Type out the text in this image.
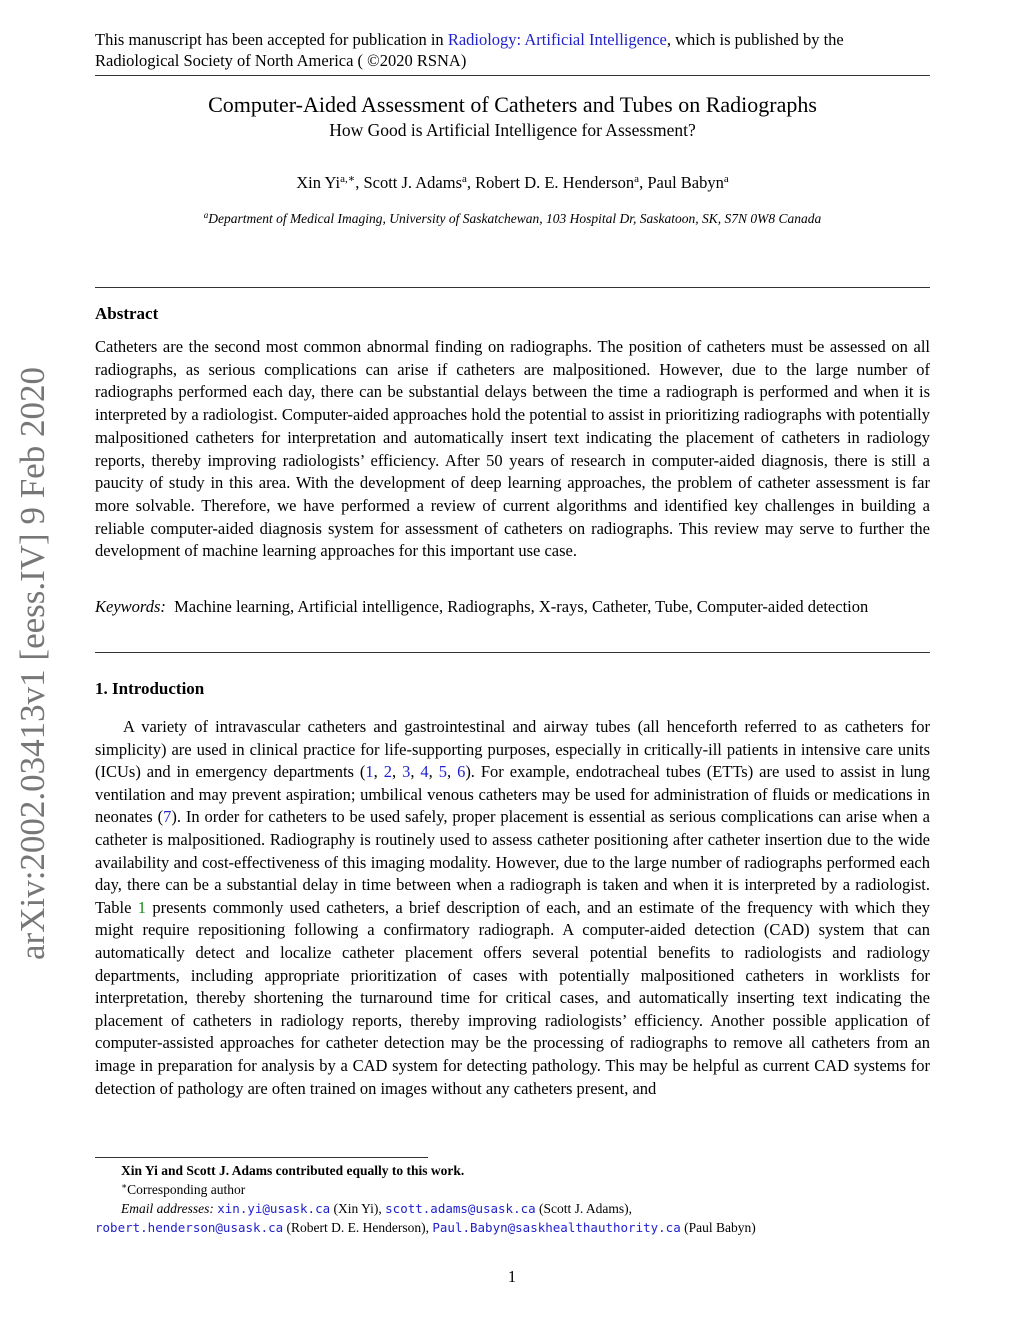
This manuscript has been accepted for publication in Radiology: Artificial Intelligence, which is published by the Radiological Society of North America ( ©2020 RSNA)
Computer-Aided Assessment of Catheters and Tubes on Radiographs
How Good is Artificial Intelligence for Assessment?
Xin $Yi^{a,∗}$, Scott J. Adams$^a$, Robert D. E. Henderson$^a$, Paul Babyn$^a$
$^a$Department of Medical Imaging, University of Saskatchewan, 103 Hospital Dr, Saskatoon, SK, S7N 0W8 Canada
Abstract
Catheters are the second most common abnormal finding on radiographs. The position of catheters must be assessed on all radiographs, as serious complications can arise if catheters are malpositioned. However, due to the large number of radiographs performed each day, there can be substantial delays between the time a radiograph is performed and when it is interpreted by a radiologist. Computer-aided approaches hold the potential to assist in prioritizing radiographs with potentially malpositioned catheters for interpretation and automatically insert text indicating the placement of catheters in radiology reports, thereby improving radiologists’ efficiency. After 50 years of research in computer-aided diagnosis, there is still a paucity of study in this area. With the development of deep learning approaches, the problem of catheter assessment is far more solvable. Therefore, we have performed a review of current algorithms and identified key challenges in building a reliable computer-aided diagnosis system for assessment of catheters on radiographs. This review may serve to further the development of machine learning approaches for this important use case.
Keywords: Machine learning, Artificial intelligence, Radiographs, X-rays, Catheter, Tube, Computer-aided detection
1. Introduction
A variety of intravascular catheters and gastrointestinal and airway tubes (all henceforth referred to as catheters for simplicity) are used in clinical practice for life-supporting purposes, especially in critically-ill patients in intensive care units (ICUs) and in emergency departments (1, 2, 3, 4, 5, 6). For example, endotracheal tubes (ETTs) are used to assist in lung ventilation and may prevent aspiration; umbilical venous catheters may be used for administration of fluids or medications in neonates (7). In order for catheters to be used safely, proper placement is essential as serious complications can arise when a catheter is malpositioned. Radiography is routinely used to assess catheter positioning after catheter insertion due to the wide availability and cost-effectiveness of this imaging modality. However, due to the large number of radiographs performed each day, there can be a substantial delay in time between when a radiograph is taken and when it is interpreted by a radiologist. Table 1 presents commonly used catheters, a brief description of each, and an estimate of the frequency with which they might require repositioning following a confirmatory radiograph. A computer-aided detection (CAD) system that can automatically detect and localize catheter placement offers several potential benefits to radiologists and radiology departments, including appropriate prioritization of cases with potentially malpositioned catheters in worklists for interpretation, thereby shortening the turnaround time for critical cases, and automatically inserting text indicating the placement of catheters in radiology reports, thereby improving radiologists’ efficiency. Another possible application of computer-assisted approaches for catheter detection may be the processing of radiographs to remove all catheters from an image in preparation for analysis by a CAD system for detecting pathology. This may be helpful as current CAD systems for detection of pathology are often trained on images without any catheters present, and
Xin Yi and Scott J. Adams contributed equally to this work.
∗Corresponding author
Email addresses: xin.yi@usask.ca (Xin Yi), scott.adams@usask.ca (Scott J. Adams),
robert.henderson@usask.ca (Robert D. E. Henderson), Paul.Babyn@saskhealthauthority.ca (Paul Babyn)
1
arXiv:2002.03413v1 [eess.IV] 9 Feb 2020
